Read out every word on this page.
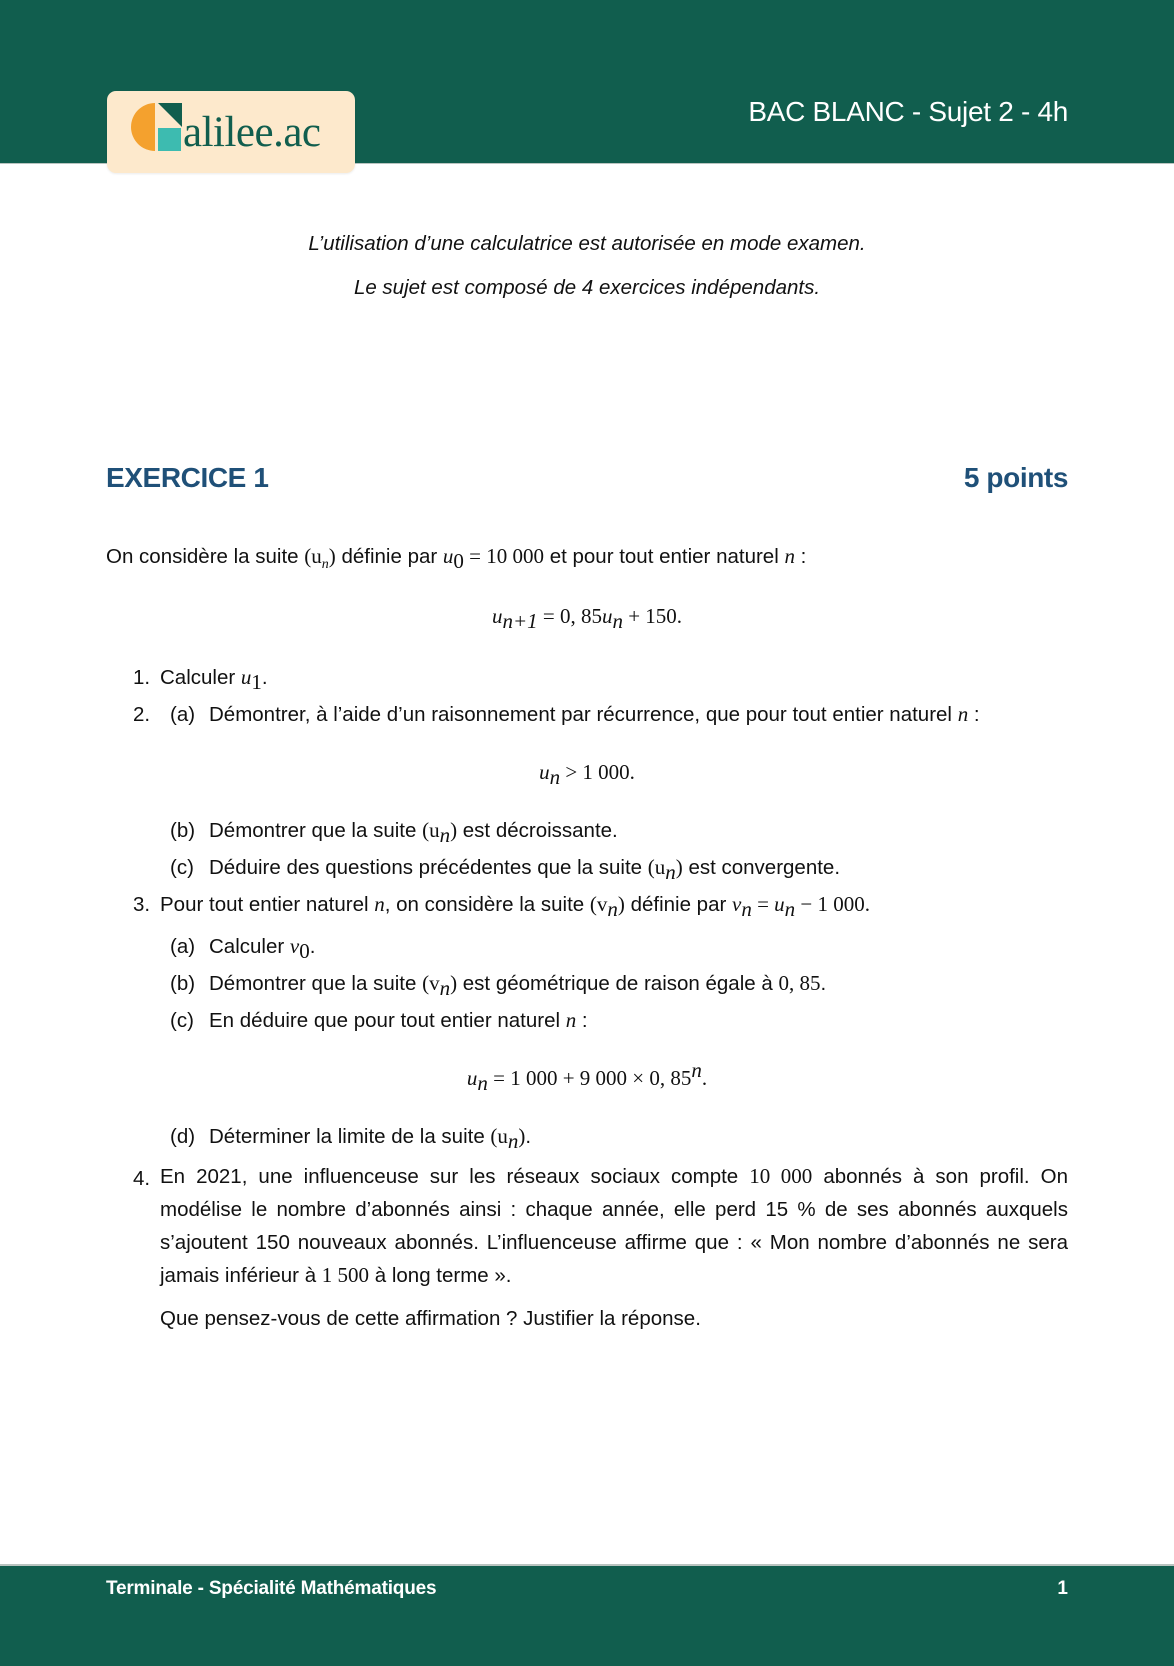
alilee.ac	BAC BLANC - Sujet 2 - 4h
L’utilisation d’une calculatrice est autorisée en mode examen.
Le sujet est composé de 4 exercices indépendants.
EXERCICE 1	5 points
On considère la suite $(u_n)$ définie par $u_0 = 10$ 000 et pour tout entier naturel n :
$u_{n+1} = 0$, $85u_n + 150$.
1. Calculer $u_1$.
2. (a) Démontrer, à l’aide d’un raisonnement par récurrence, que pour tout entier naturel n :
$u_n > 1$ 000.
(b) Démontrer que la suite $(u_n)$ est décroissante.
(c) Déduire des questions précédentes que la suite $(u_n)$ est convergente.
3. Pour tout entier naturel n, on considère la suite $(v_n)$ définie par $v_n = u_n - 1$ 000.
(a) Calculer $v_0$.
(b) Démontrer que la suite $(v_n)$ est géométrique de raison égale à 0, 85.
(c) En déduire que pour tout entier naturel n :
$u_n = 1$ 000 + 9 000 × 0, 85$^n$.
(d) Déterminer la limite de la suite $(u_n)$.
4. En 2021, une influenceuse sur les réseaux sociaux compte 10 000 abonnés à son profil. On modélise le nombre d’abonnés ainsi : chaque année, elle perd 15 % de ses abonnés auxquels s’ajoutent 150 nouveaux abonnés. L’influenceuse affirme que : « Mon nombre d’abonnés ne sera jamais inférieur à 1 500 à long terme ».
Que pensez-vous de cette affirmation ? Justifier la réponse.
Terminale - Spécialité Mathématiques	1
